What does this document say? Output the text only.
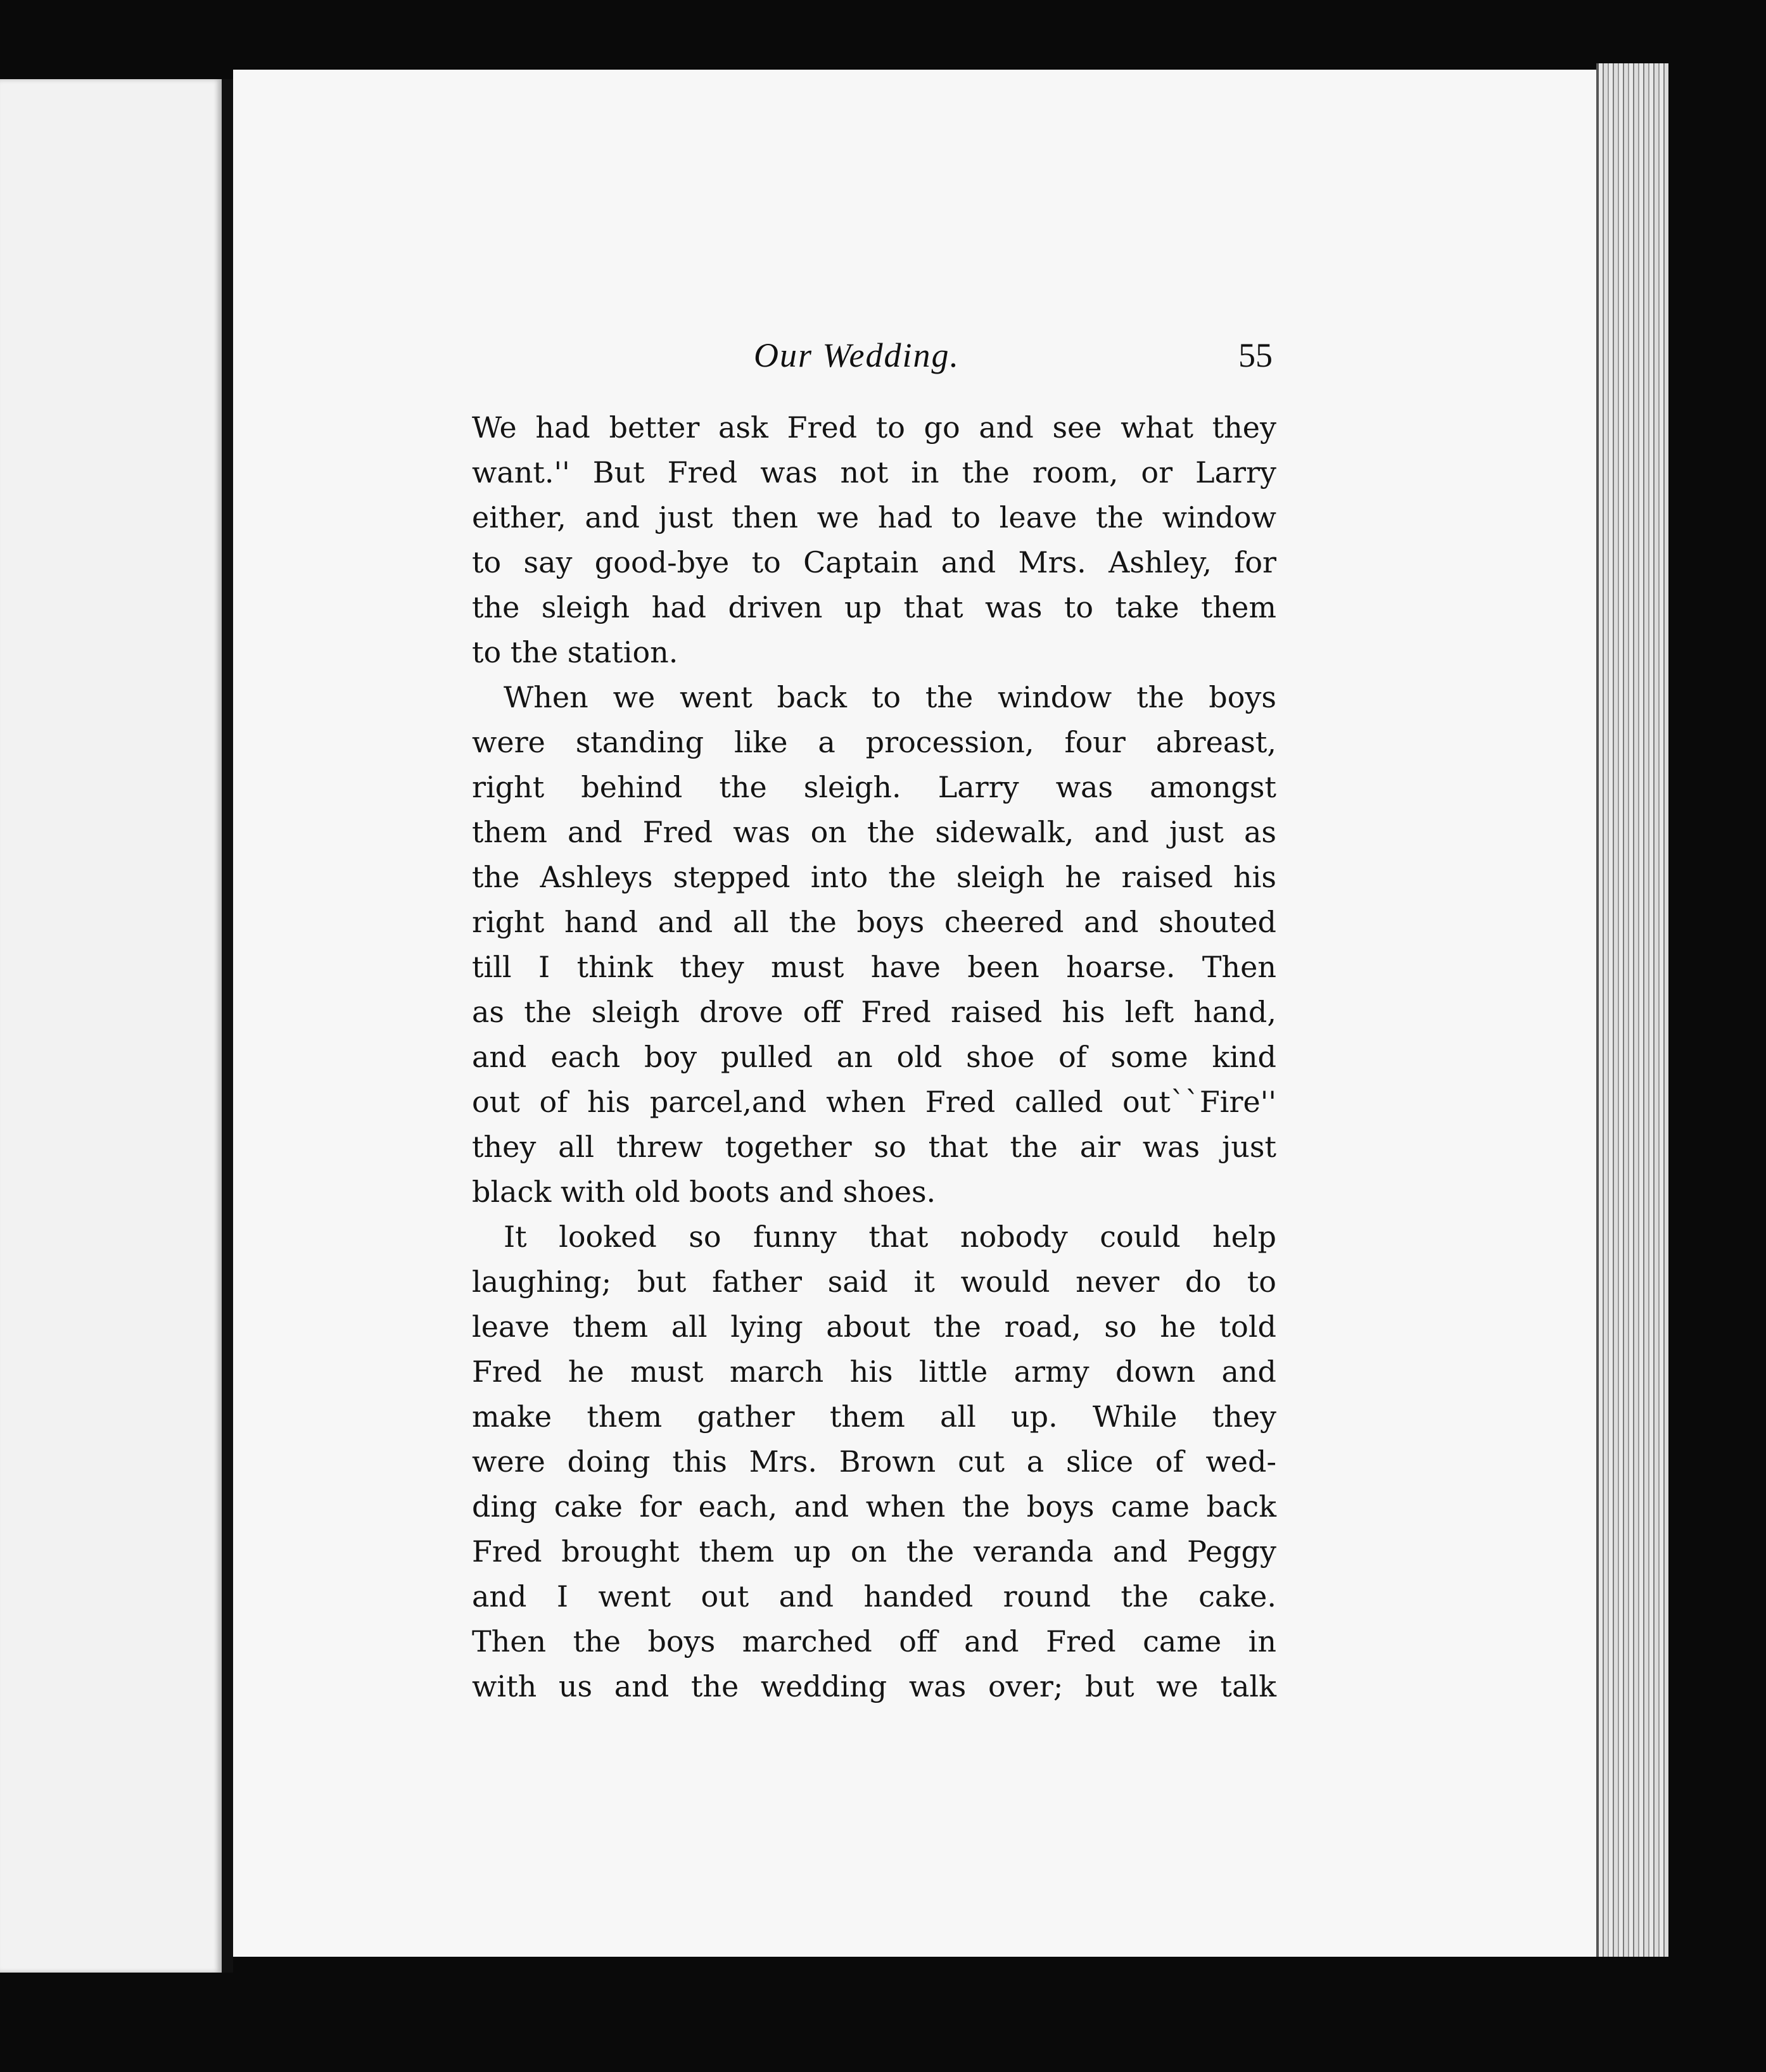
Our Wedding.	55
We had better ask Fred to go and see what they
want.'' But Fred was not in the room, or Larry
either, and just then we had to leave the window
to say good-bye to Captain and Mrs. Ashley, for
the sleigh had driven up that was to take them
to the station.
When we went back to the window the boys
were standing like a procession, four abreast,
right behind the sleigh. Larry was amongst
them and Fred was on the sidewalk, and just as
the Ashleys stepped into the sleigh he raised his
right hand and all the boys cheered and shouted
till I think they must have been hoarse. Then
as the sleigh drove off Fred raised his left hand,
and each boy pulled an old shoe of some kind
out of his parcel,and when Fred called out``Fire''
they all threw together so that the air was just
black with old boots and shoes.
It looked so funny that nobody could help
laughing; but father said it would never do to
leave them all lying about the road, so he told
Fred he must march his little army down and
make them gather them all up. While they
were doing this Mrs. Brown cut a slice of wed-
ding cake for each, and when the boys came back
Fred brought them up on the veranda and Peggy
and I went out and handed round the cake.
Then the boys marched off and Fred came in
with us and the wedding was over; but we talk
